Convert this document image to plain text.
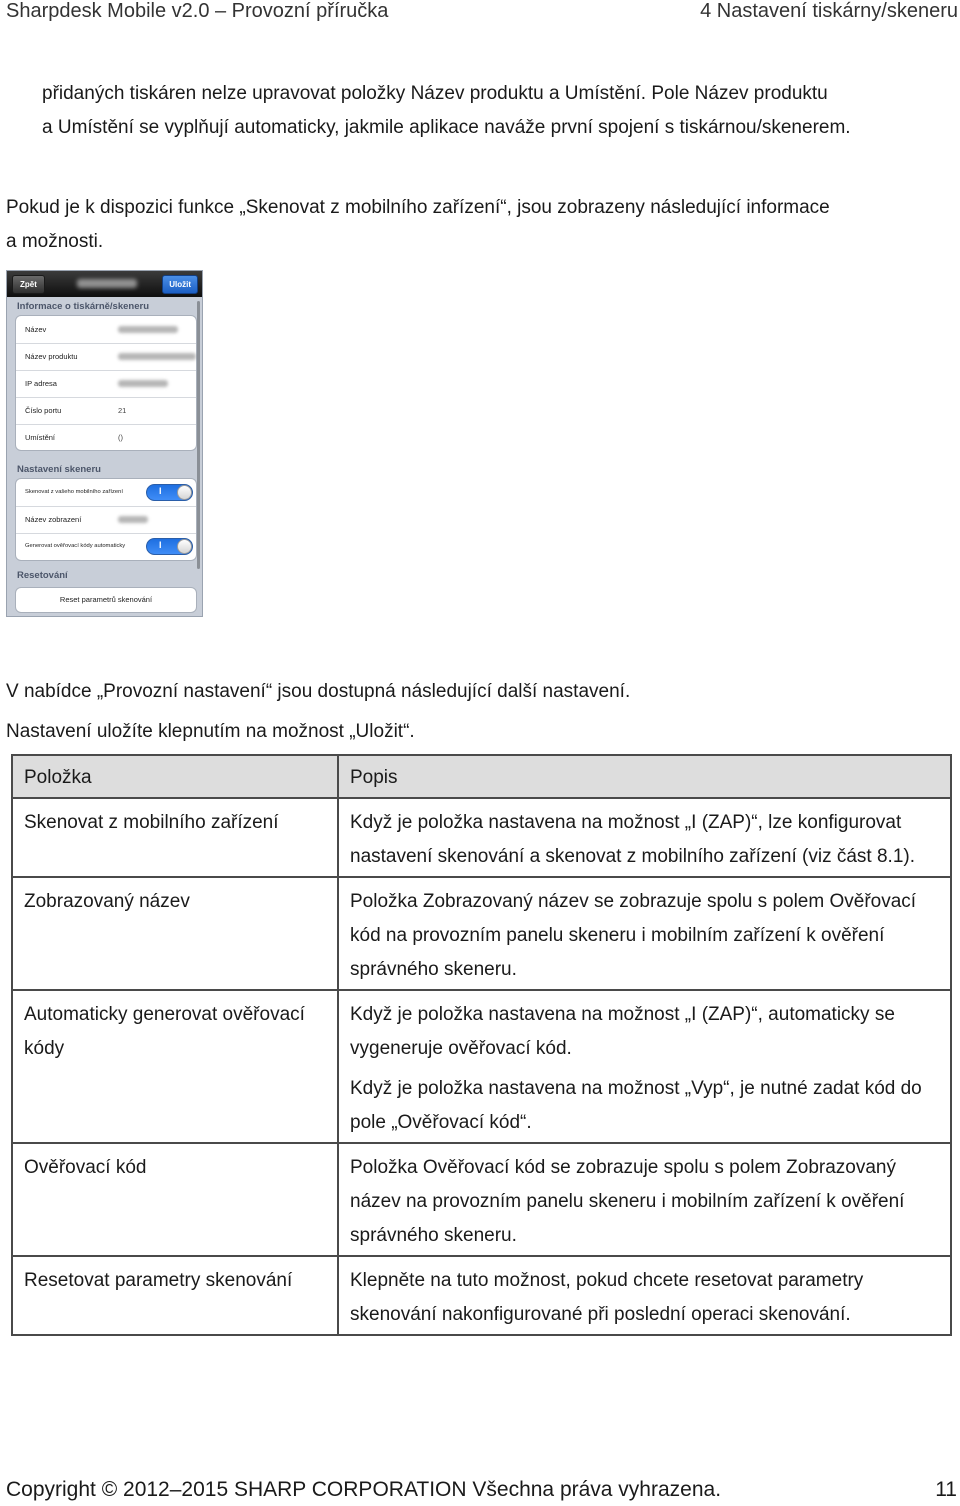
Sharpdesk Mobile v2.0 – Provozní příručka	4 Nastavení tiskárny/skeneru
přidaných tiskáren nelze upravovat položky Název produktu a Umístění. Pole Název produktu
a Umístění se vyplňují automaticky, jakmile aplikace naváže první spojení s tiskárnou/skenerem.
Pokud je k dispozici funkce „Skenovat z mobilního zařízení“, jsou zobrazeny následující informace
a možnosti.
Zpět	Uložit
Informace o tiskárně/skeneru
Název
Název produktu
IP adresa
Číslo portu	21
Umístění	()
Nastavení skeneru
Skenovat z vašeho mobilního zařízení	I
Název zobrazení
Generovat ověřovací kódy automaticky	I
Resetování
Reset parametrů skenování
V nabídce „Provozní nastavení“ jsou dostupná následující další nastavení.
Nastavení uložíte klepnutím na možnost „Uložit“.
Položka	Popis
Skenovat z mobilního zařízení	Když je položka nastavena na možnost „I (ZAP)“, lze konfigurovat nastavení skenování a skenovat z mobilního zařízení (viz část 8.1).

Zobrazovaný název	Položka Zobrazovaný název se zobrazuje spolu s polem Ověřovací kód na provozním panelu skeneru i mobilním zařízení k ověření správného skeneru.

Automaticky generovat ověřovací kódy	Když je položka nastavena na možnost „I (ZAP)“, automaticky se vygeneruje ověřovací kód.

Když je položka nastavena na možnost „Vyp“, je nutné zadat kód do pole „Ověřovací kód“.

Ověřovací kód	Položka Ověřovací kód se zobrazuje spolu s polem Zobrazovaný název na provozním panelu skeneru i mobilním zařízení k ověření správného skeneru.

Resetovat parametry skenování	Klepněte na tuto možnost, pokud chcete resetovat parametry skenování nakonfigurované při poslední operaci skenování.

Copyright © 2012–2015 SHARP CORPORATION Všechna práva vyhrazena.	11
